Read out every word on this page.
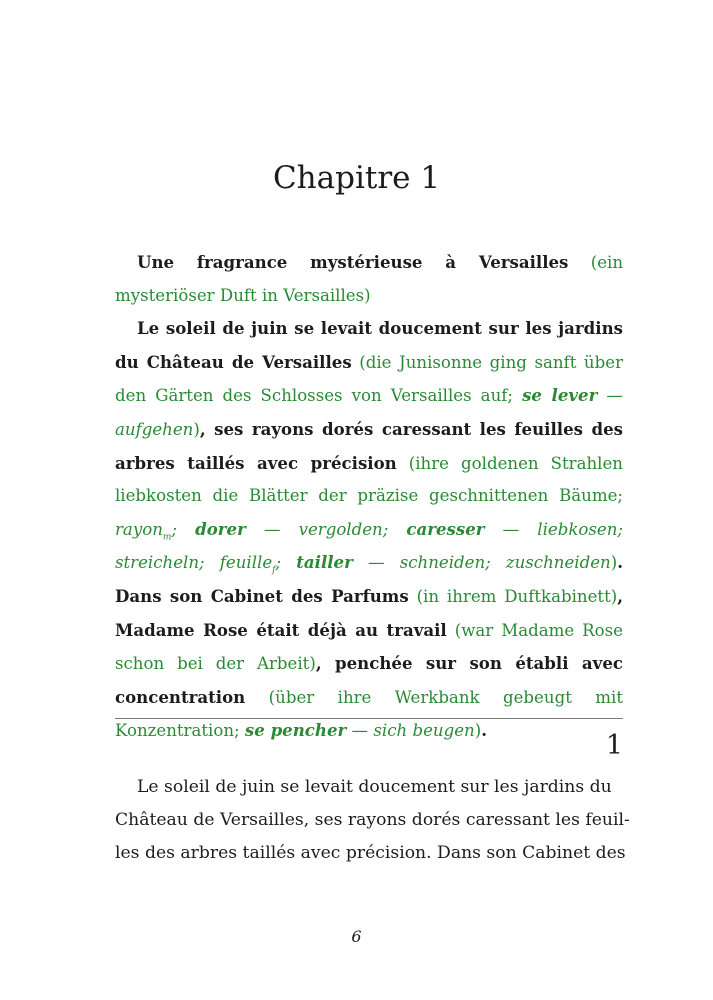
Chapitre 1

Une fragrance mystérieuse à Versailles (ein mysteriöser Duft in Versailles)

Le soleil de juin se levait doucement sur les jardins du Château de Versailles (die Junisonne ging sanft über den Gärten des Schlosses von Versailles auf; se lever — aufgehen), ses rayons dorés caressant les feuilles des arbres taillés avec précision (ihre goldenen Strahlen liebkosten die Blätter der präzise geschnittenen Bäume; rayon$_m$; dorer — vergolden; caresser — liebkosen; streicheln; feuille$_f$; tailler — schneiden; zuschneiden). Dans son Cabinet des Parfums (in ihrem Duftkabinett), Madame Rose était déjà au travail (war Madame Rose schon bei der Arbeit), penchée sur son établi avec concentration (über ihre Werkbank gebeugt mit Konzentration; se pencher — sich beugen).	1
Le soleil de juin se levait doucement sur les jardins du
Château de Versailles, ses rayons dorés caressant les feuil-
les des arbres taillés avec précision. Dans son Cabinet des
6
